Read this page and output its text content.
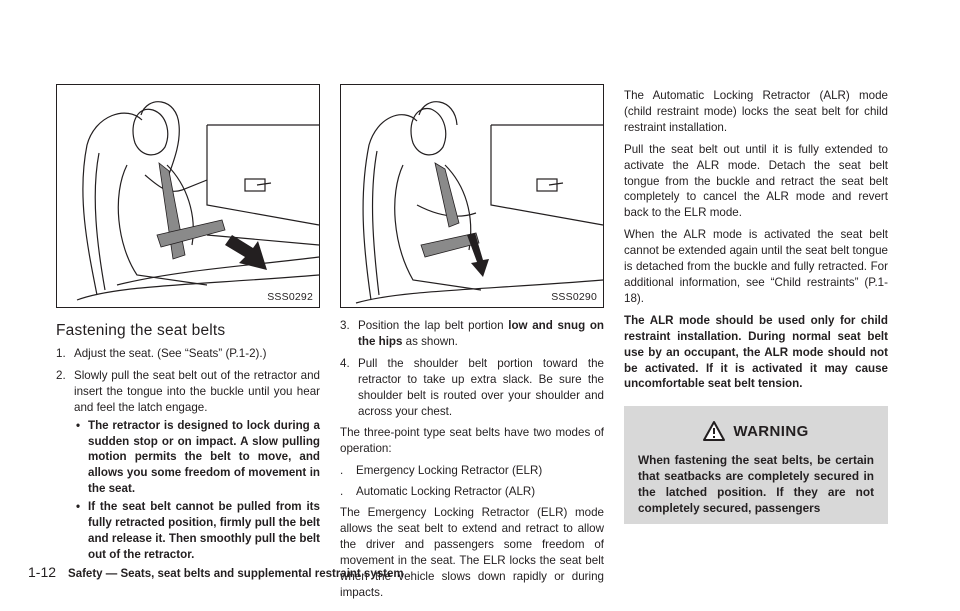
SSS0292
Fastening the seat belts
1. Adjust the seat. (See “Seats” (P.1-2).)
2. Slowly pull the seat belt out of the retractor and insert the tongue into the buckle until you hear and feel the latch engage.
• The retractor is designed to lock during a sudden stop or on impact. A slow pulling motion permits the belt to move, and allows you some freedom of movement in the seat.
• If the seat belt cannot be pulled from its fully retracted position, firmly pull the belt and release it. Then smoothly pull the belt out of the retractor.
SSS0290
3. Position the lap belt portion low and snug on the hips as shown.
4. Pull the shoulder belt portion toward the retractor to take up extra slack. Be sure the shoulder belt is routed over your shoulder and across your chest.

The three-point type seat belts have two modes of operation:

. Emergency Locking Retractor (ELR)
. Automatic Locking Retractor (ALR)

The Emergency Locking Retractor (ELR) mode allows the seat belt to extend and retract to allow the driver and passengers some freedom of movement in the seat. The ELR locks the seat belt when the vehicle slows down rapidly or during impacts.

The Automatic Locking Retractor (ALR) mode (child restraint mode) locks the seat belt for child restraint installation.

Pull the seat belt out until it is fully extended to activate the ALR mode. Detach the seat belt tongue from the buckle and retract the seat belt completely to cancel the ALR mode and revert back to the ELR mode.

When the ALR mode is activated the seat belt cannot be extended again until the seat belt tongue is detached from the buckle and fully retracted. For additional information, see “Child restraints” (P.1-18).

The ALR mode should be used only for child restraint installation. During normal seat belt use by an occupant, the ALR mode should not be activated. If it is activated it may cause uncomfortable seat belt tension.

WARNING

When fastening the seat belts, be certain that seatbacks are completely secured in the latched position. If they are not completely secured, passengers

1-12 Safety — Seats, seat belts and supplemental restraint system
